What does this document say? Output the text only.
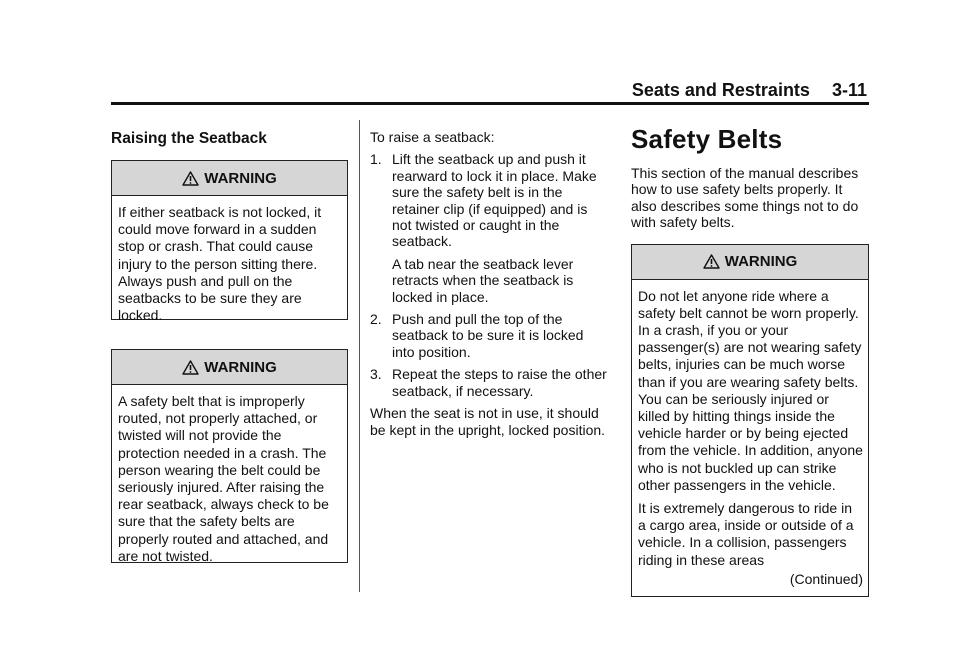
Seats and Restraints 3-11
Raising the Seatback
WARNING

If either seatback is not locked, it could move forward in a sudden stop or crash. That could cause injury to the person sitting there. Always push and pull on the seatbacks to be sure they are locked.

WARNING

A safety belt that is improperly routed, not properly attached, or twisted will not provide the protection needed in a crash. The person wearing the belt could be seriously injured. After raising the rear seatback, always check to be sure that the safety belts are properly routed and attached, and are not twisted.

To raise a seatback:

1. Lift the seatback up and push it rearward to lock it in place. Make sure the safety belt is in the retainer clip (if equipped) and is not twisted or caught in the seatback.

A tab near the seatback lever retracts when the seatback is locked in place.

2. Push and pull the top of the seatback to be sure it is locked into position.

3. Repeat the steps to raise the other seatback, if necessary.

When the seat is not in use, it should be kept in the upright, locked position.

Safety Belts

This section of the manual describes how to use safety belts properly. It also describes some things not to do with safety belts.

WARNING

Do not let anyone ride where a safety belt cannot be worn properly. In a crash, if you or your passenger(s) are not wearing safety belts, injuries can be much worse than if you are wearing safety belts. You can be seriously injured or killed by hitting things inside the vehicle harder or by being ejected from the vehicle. In addition, anyone who is not buckled up can strike other passengers in the vehicle.

It is extremely dangerous to ride in a cargo area, inside or outside of a vehicle. In a collision, passengers riding in these areas

(Continued)
